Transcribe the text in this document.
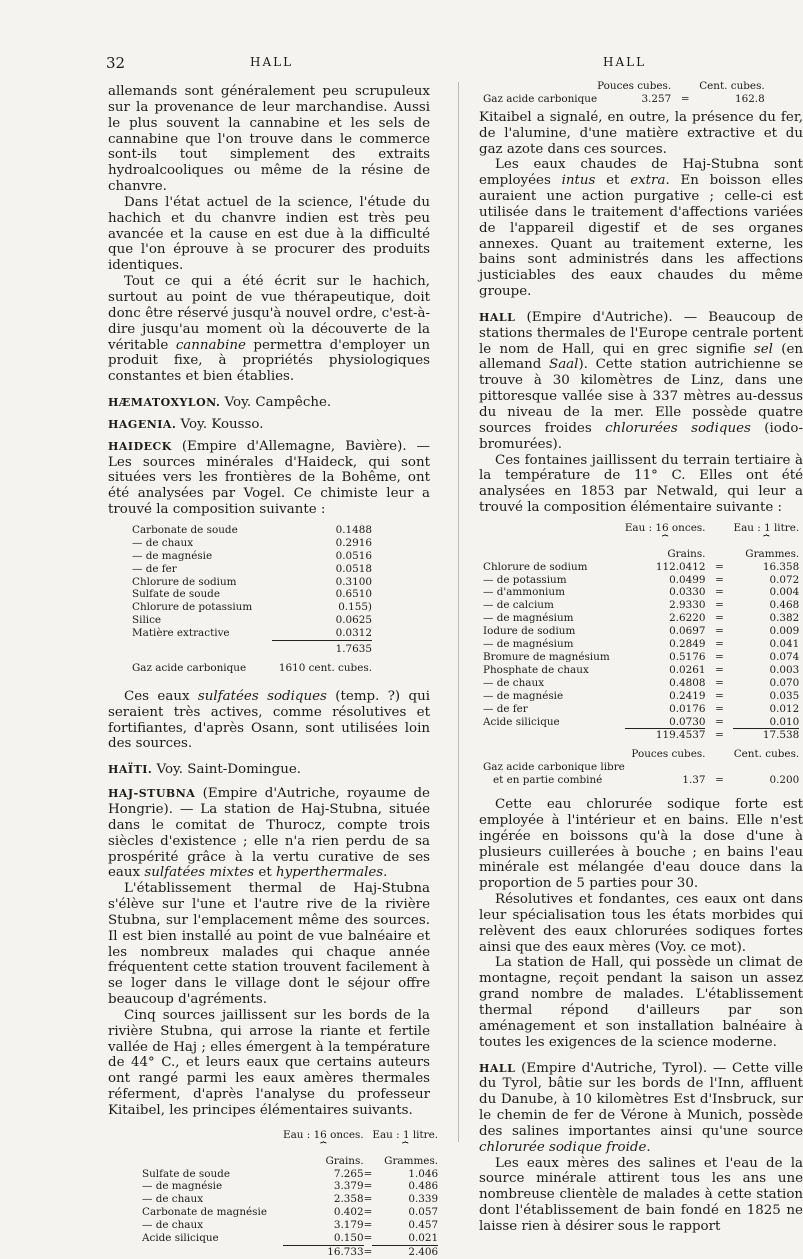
32	HALL	HALL

allemands sont généralement peu scrupuleux sur la provenance de leur marchandise. Aussi le plus souvent la cannabine et les sels de cannabine que l'on trouve dans le commerce sont-ils tout simplement des extraits hydroalcooliques ou même de la résine de chanvre.

Dans l'état actuel de la science, l'étude du hachich et du chanvre indien est très peu avancée et la cause en est due à la difficulté que l'on éprouve à se procurer des produits identiques.

Tout ce qui a été écrit sur le hachich, surtout au point de vue thérapeutique, doit donc être réservé jusqu'à nouvel ordre, c'est-à-dire jusqu'au moment où la découverte de la véritable cannabine permettra d'employer un produit fixe, à propriétés physiologiques constantes et bien établies.

HÆMATOXYLON. Voy. Campêche.

HAGENIA. Voy. Kousso.

HAIDECK (Empire d'Allemagne, Bavière). — Les sources minérales d'Haideck, qui sont situées vers les frontières de la Bohême, ont été analysées par Vogel. Ce chimiste leur a trouvé la composition suivante :

Carbonate de soude	0.1488
— de chaux	0.2916
— de magnésie	0.0516
— de fer	0.0518
Chlorure de sodium	0.3100
Sulfate de soude	0.6510
Chlorure de potassium	0.155)
Silice	0.0625
Matière extractive	0.0312
	1.7635
Gaz acide carbonique	1610 cent. cubes.

Ces eaux sulfatées sodiques (temp. ?) qui seraient très actives, comme résolutives et fortifiantes, d'après Osann, sont utilisées loin des sources.

HAÏTI. Voy. Saint-Domingue.

HAJ-STUBNA (Empire d'Autriche, royaume de Hongrie). — La station de Haj-Stubna, située dans le comitat de Thurocz, compte trois siècles d'existence ; elle n'a rien perdu de sa prospérité grâce à la vertu curative de ses eaux sulfatées mixtes et hyperthermales.

L'établissement thermal de Haj-Stubna s'élève sur l'une et l'autre rive de la rivière Stubna, sur l'emplacement même des sources. Il est bien installé au point de vue balnéaire et les nombreux malades qui chaque année fréquentent cette station trouvent facilement à se loger dans le village dont le séjour offre beaucoup d'agréments.

Cinq sources jaillissent sur les bords de la rivière Stubna, qui arrose la riante et fertile vallée de Haj ; elles émergent à la température de 44° C., et leurs eaux que certains auteurs ont rangé parmi les eaux amères thermales réferment, d'après l'analyse du professeur Kitaibel, les principes élémentaires suivants.

	Eau : 16 onces.		Eau : 1 litre.
	⏞		⏞
	Grains.		Grammes.
Sulfate de soude	7.265	=	1.046
— de magnésie	3.379	=	0.486
— de chaux	2.358	=	0.339
Carbonate de magnésie	0.402	=	0.057
— de chaux	3.179	=	0.457
Acide silicique	0.150	=	0.021
	16.733	=	2.406
	Pouces cubes.		Cent. cubes.
Gaz acide carbonique	3.257	=	162.8

Kitaibel a signalé, en outre, la présence du fer, de l'alumine, d'une matière extractive et du gaz azote dans ces sources.

Les eaux chaudes de Haj-Stubna sont employées intus et extra. En boisson elles auraient une action purgative ; celle-ci est utilisée dans le traitement d'affections variées de l'appareil digestif et de ses organes annexes. Quant au traitement externe, les bains sont administrés dans les affections justiciables des eaux chaudes du même groupe.

HALL (Empire d'Autriche). — Beaucoup de stations thermales de l'Europe centrale portent le nom de Hall, qui en grec signifie sel (en allemand Saal). Cette station autrichienne se trouve à 30 kilomètres de Linz, dans une pittoresque vallée sise à 337 mètres au-dessus du niveau de la mer. Elle possède quatre sources froides chlorurées sodiques (iodo-bromurées).

Ces fontaines jaillissent du terrain tertiaire à la température de 11° C. Elles ont été analysées en 1853 par Netwald, qui leur a trouvé la composition élémentaire suivante :

	Eau : 16 onces.		Eau : 1 litre.
	⏞		⏞
	Grains.		Grammes.
Chlorure de sodium	112.0412	=	16.358
— de potassium	0.0499	=	0.072
— d'ammonium	0.0330	=	0.004
— de calcium	2.9330	=	0.468
— de magnésium	2.6220	=	0.382
Iodure de sodium	0.0697	=	0.009
— de magnésium	0.2849	=	0.041
Bromure de magnésium	0.5176	=	0.074
Phosphate de chaux	0.0261	=	0.003
— de chaux	0.4808	=	0.070
— de magnésie	0.2419	=	0.035
— de fer	0.0176	=	0.012
Acide silicique	0.0730	=	0.010
	119.4537	=	17.538
	Pouces cubes.		Cent. cubes.
Gaz acide carbonique libre			
et en partie combiné	1.37	=	0.200

Cette eau chlorurée sodique forte est employée à l'intérieur et en bains. Elle n'est ingérée en boissons qu'à la dose d'une à plusieurs cuillerées à bouche ; en bains l'eau minérale est mélangée d'eau douce dans la proportion de 5 parties pour 30.

Résolutives et fondantes, ces eaux ont dans leur spécialisation tous les états morbides qui relèvent des eaux chlorurées sodiques fortes ainsi que des eaux mères (Voy. ce mot).

La station de Hall, qui possède un climat de montagne, reçoit pendant la saison un assez grand nombre de malades. L'établissement thermal répond d'ailleurs par son aménagement et son installation balnéaire à toutes les exigences de la science moderne.

HALL (Empire d'Autriche, Tyrol). — Cette ville du Tyrol, bâtie sur les bords de l'Inn, affluent du Danube, à 10 kilomètres Est d'Insbruck, sur le chemin de fer de Vérone à Munich, possède des salines importantes ainsi qu'une source chlorurée sodique froide.

Les eaux mères des salines et l'eau de la source minérale attirent tous les ans une nombreuse clientèle de malades à cette station dont l'établissement de bain fondé en 1825 ne laisse rien à désirer sous le rapport
